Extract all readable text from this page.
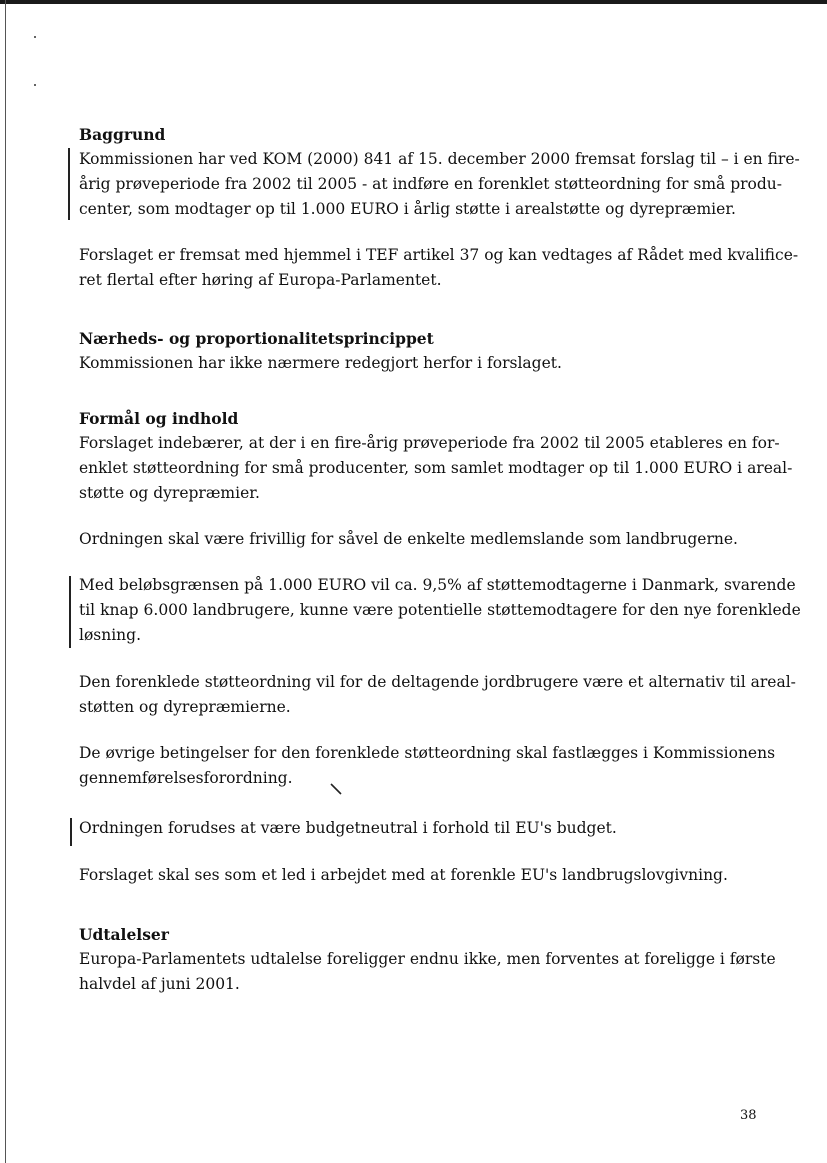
Baggrund
Kommissionen har ved KOM (2000) 841 af 15. december 2000 fremsat forslag til – i en fire-
årig prøveperiode fra 2002 til 2005 - at indføre en forenklet støtteordning for små produ-
center, som modtager op til 1.000 EURO i årlig støtte i arealstøtte og dyrepræmier.
Forslaget er fremsat med hjemmel i TEF artikel 37 og kan vedtages af Rådet med kvalifice-
ret flertal efter høring af Europa-Parlamentet.
Nærheds- og proportionalitetsprincippet
Kommissionen har ikke nærmere redegjort herfor i forslaget.
Formål og indhold
Forslaget indebærer, at der i en fire-årig prøveperiode fra 2002 til 2005 etableres en for-
enklet støtteordning for små producenter, som samlet modtager op til 1.000 EURO i areal-
støtte og dyrepræmier.
Ordningen skal være frivillig for såvel de enkelte medlemslande som landbrugerne.
Med beløbsgrænsen på 1.000 EURO vil ca. 9,5% af støttemodtagerne i Danmark, svarende
til knap 6.000 landbrugere, kunne være potentielle støttemodtagere for den nye forenklede
løsning.
Den forenklede støtteordning vil for de deltagende jordbrugere være et alternativ til areal-
støtten og dyrepræmierne.
De øvrige betingelser for den forenklede støtteordning skal fastlægges i Kommissionens
gennemførelsesforordning.
Ordningen forudses at være budgetneutral i forhold til EU's budget.
Forslaget skal ses som et led i arbejdet med at forenkle EU's landbrugslovgivning.
Udtalelser
Europa-Parlamentets udtalelse foreligger endnu ikke, men forventes at foreligge i første
halvdel af juni 2001.
38
